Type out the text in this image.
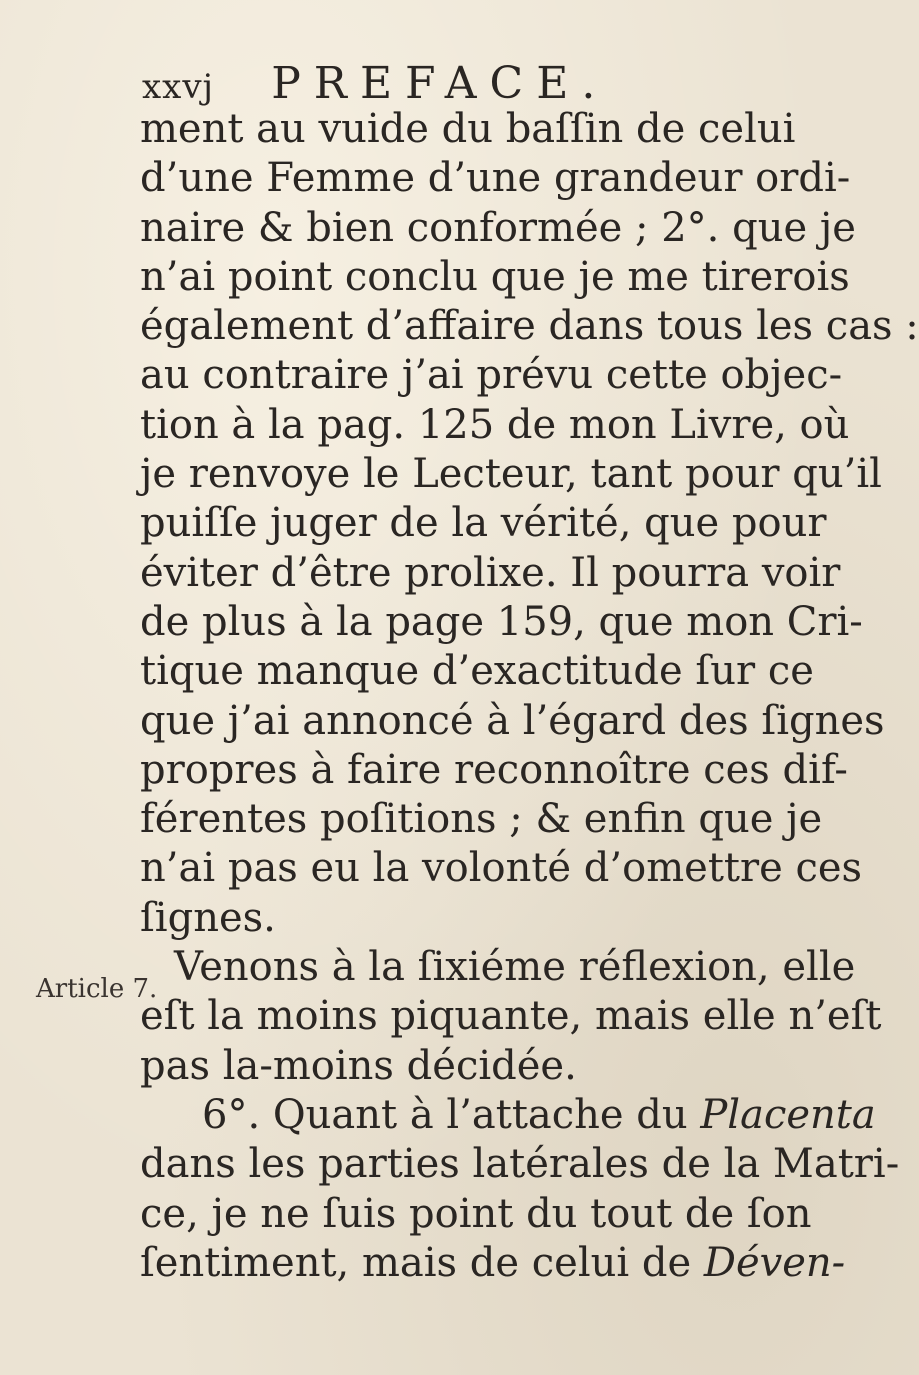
xxvj PREFACE.
Article 7.
ment au vuide du baſſin de celui
d’une Femme d’une grandeur ordi-
naire & bien conformée ; 2°. que je
n’ai point conclu que je me tirerois
également d’affaire dans tous les cas :
au contraire j’ai prévu cette objec-
tion à la pag. 125 de mon Livre, où
je renvoye le Lecteur, tant pour qu’il
puiſſe juger de la vérité, que pour
éviter d’être prolixe. Il pourra voir
de plus à la page 159, que mon Cri-
tique manque d’exactitude ſur ce
que j’ai annoncé à l’égard des ſignes
propres à faire reconnoître ces dif-
férentes poſitions ; & enfin que je
n’ai pas eu la volonté d’omettre ces
ſignes.
Venons à la ſixiéme réflexion, elle
eſt la moins piquante, mais elle n’eſt
pas la-moins décidée.
6°. Quant à l’attache du Placenta
dans les parties latérales de la Matri-
ce, je ne ſuis point du tout de ſon
ſentiment, mais de celui de Déven-
